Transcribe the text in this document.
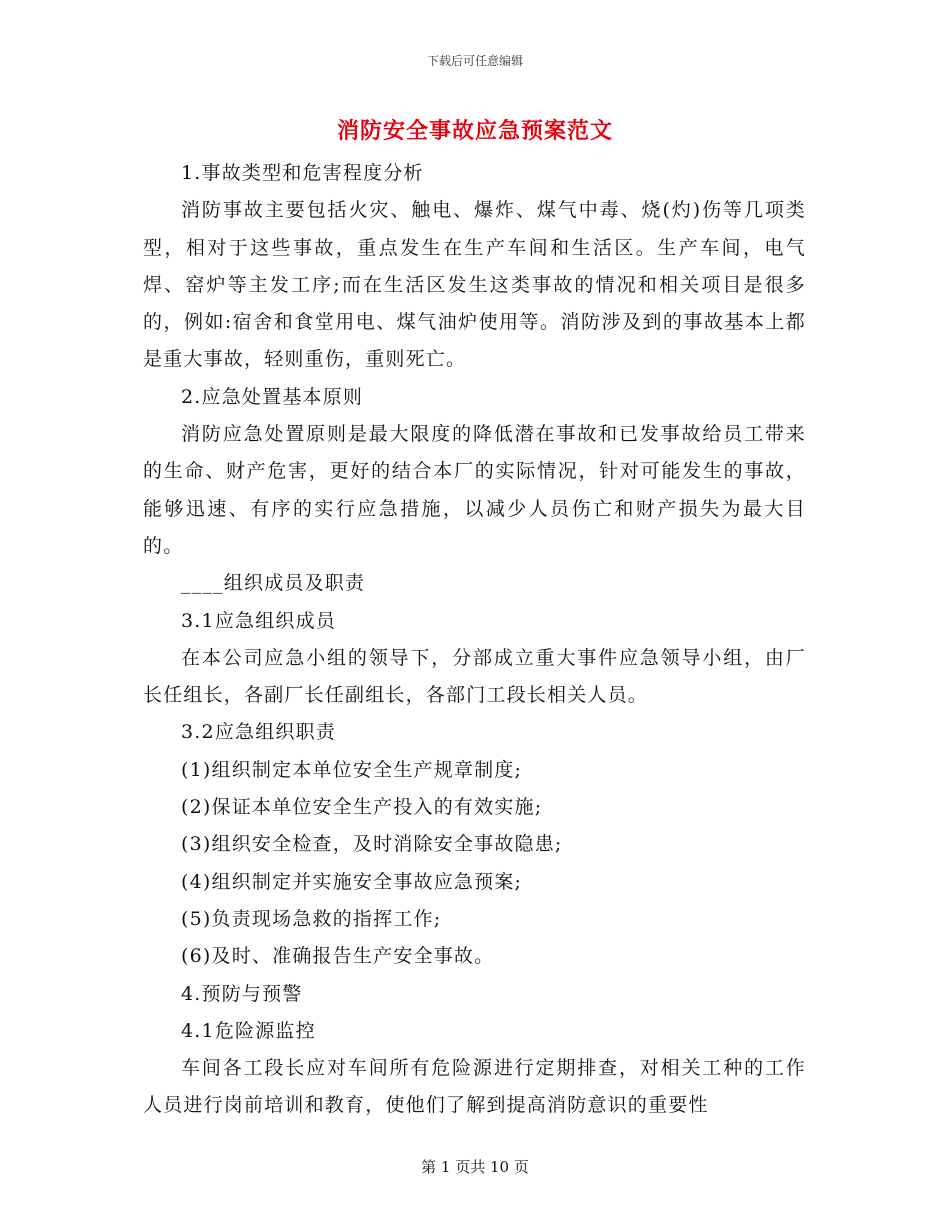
下载后可任意编辑
消防安全事故应急预案范文

1.事故类型和危害程度分析

消防事故主要包括火灾、触电、爆炸、煤气中毒、烧(灼)伤等几项类型，相对于这些事故，重点发生在生产车间和生活区。生产车间，电气焊、窑炉等主发工序;而在生活区发生这类事故的情况和相关项目是很多的，例如:宿舍和食堂用电、煤气油炉使用等。消防涉及到的事故基本上都是重大事故，轻则重伤，重则死亡。

2.应急处置基本原则

消防应急处置原则是最大限度的降低潜在事故和已发事故给员工带来的生命、财产危害，更好的结合本厂的实际情况，针对可能发生的事故，能够迅速、有序的实行应急措施，以减少人员伤亡和财产损失为最大目的。

____组织成员及职责

3.1应急组织成员

在本公司应急小组的领导下，分部成立重大事件应急领导小组，由厂长任组长，各副厂长任副组长，各部门工段长相关人员。

3.2应急组织职责

(1)组织制定本单位安全生产规章制度;

(2)保证本单位安全生产投入的有效实施;

(3)组织安全检查，及时消除安全事故隐患;

(4)组织制定并实施安全事故应急预案;

(5)负责现场急救的指挥工作;

(6)及时、准确报告生产安全事故。

4.预防与预警

4.1危险源监控

车间各工段长应对车间所有危险源进行定期排查，对相关工种的工作人员进行岗前培训和教育，使他们了解到提高消防意识的重要性

第 1 页共 10 页
